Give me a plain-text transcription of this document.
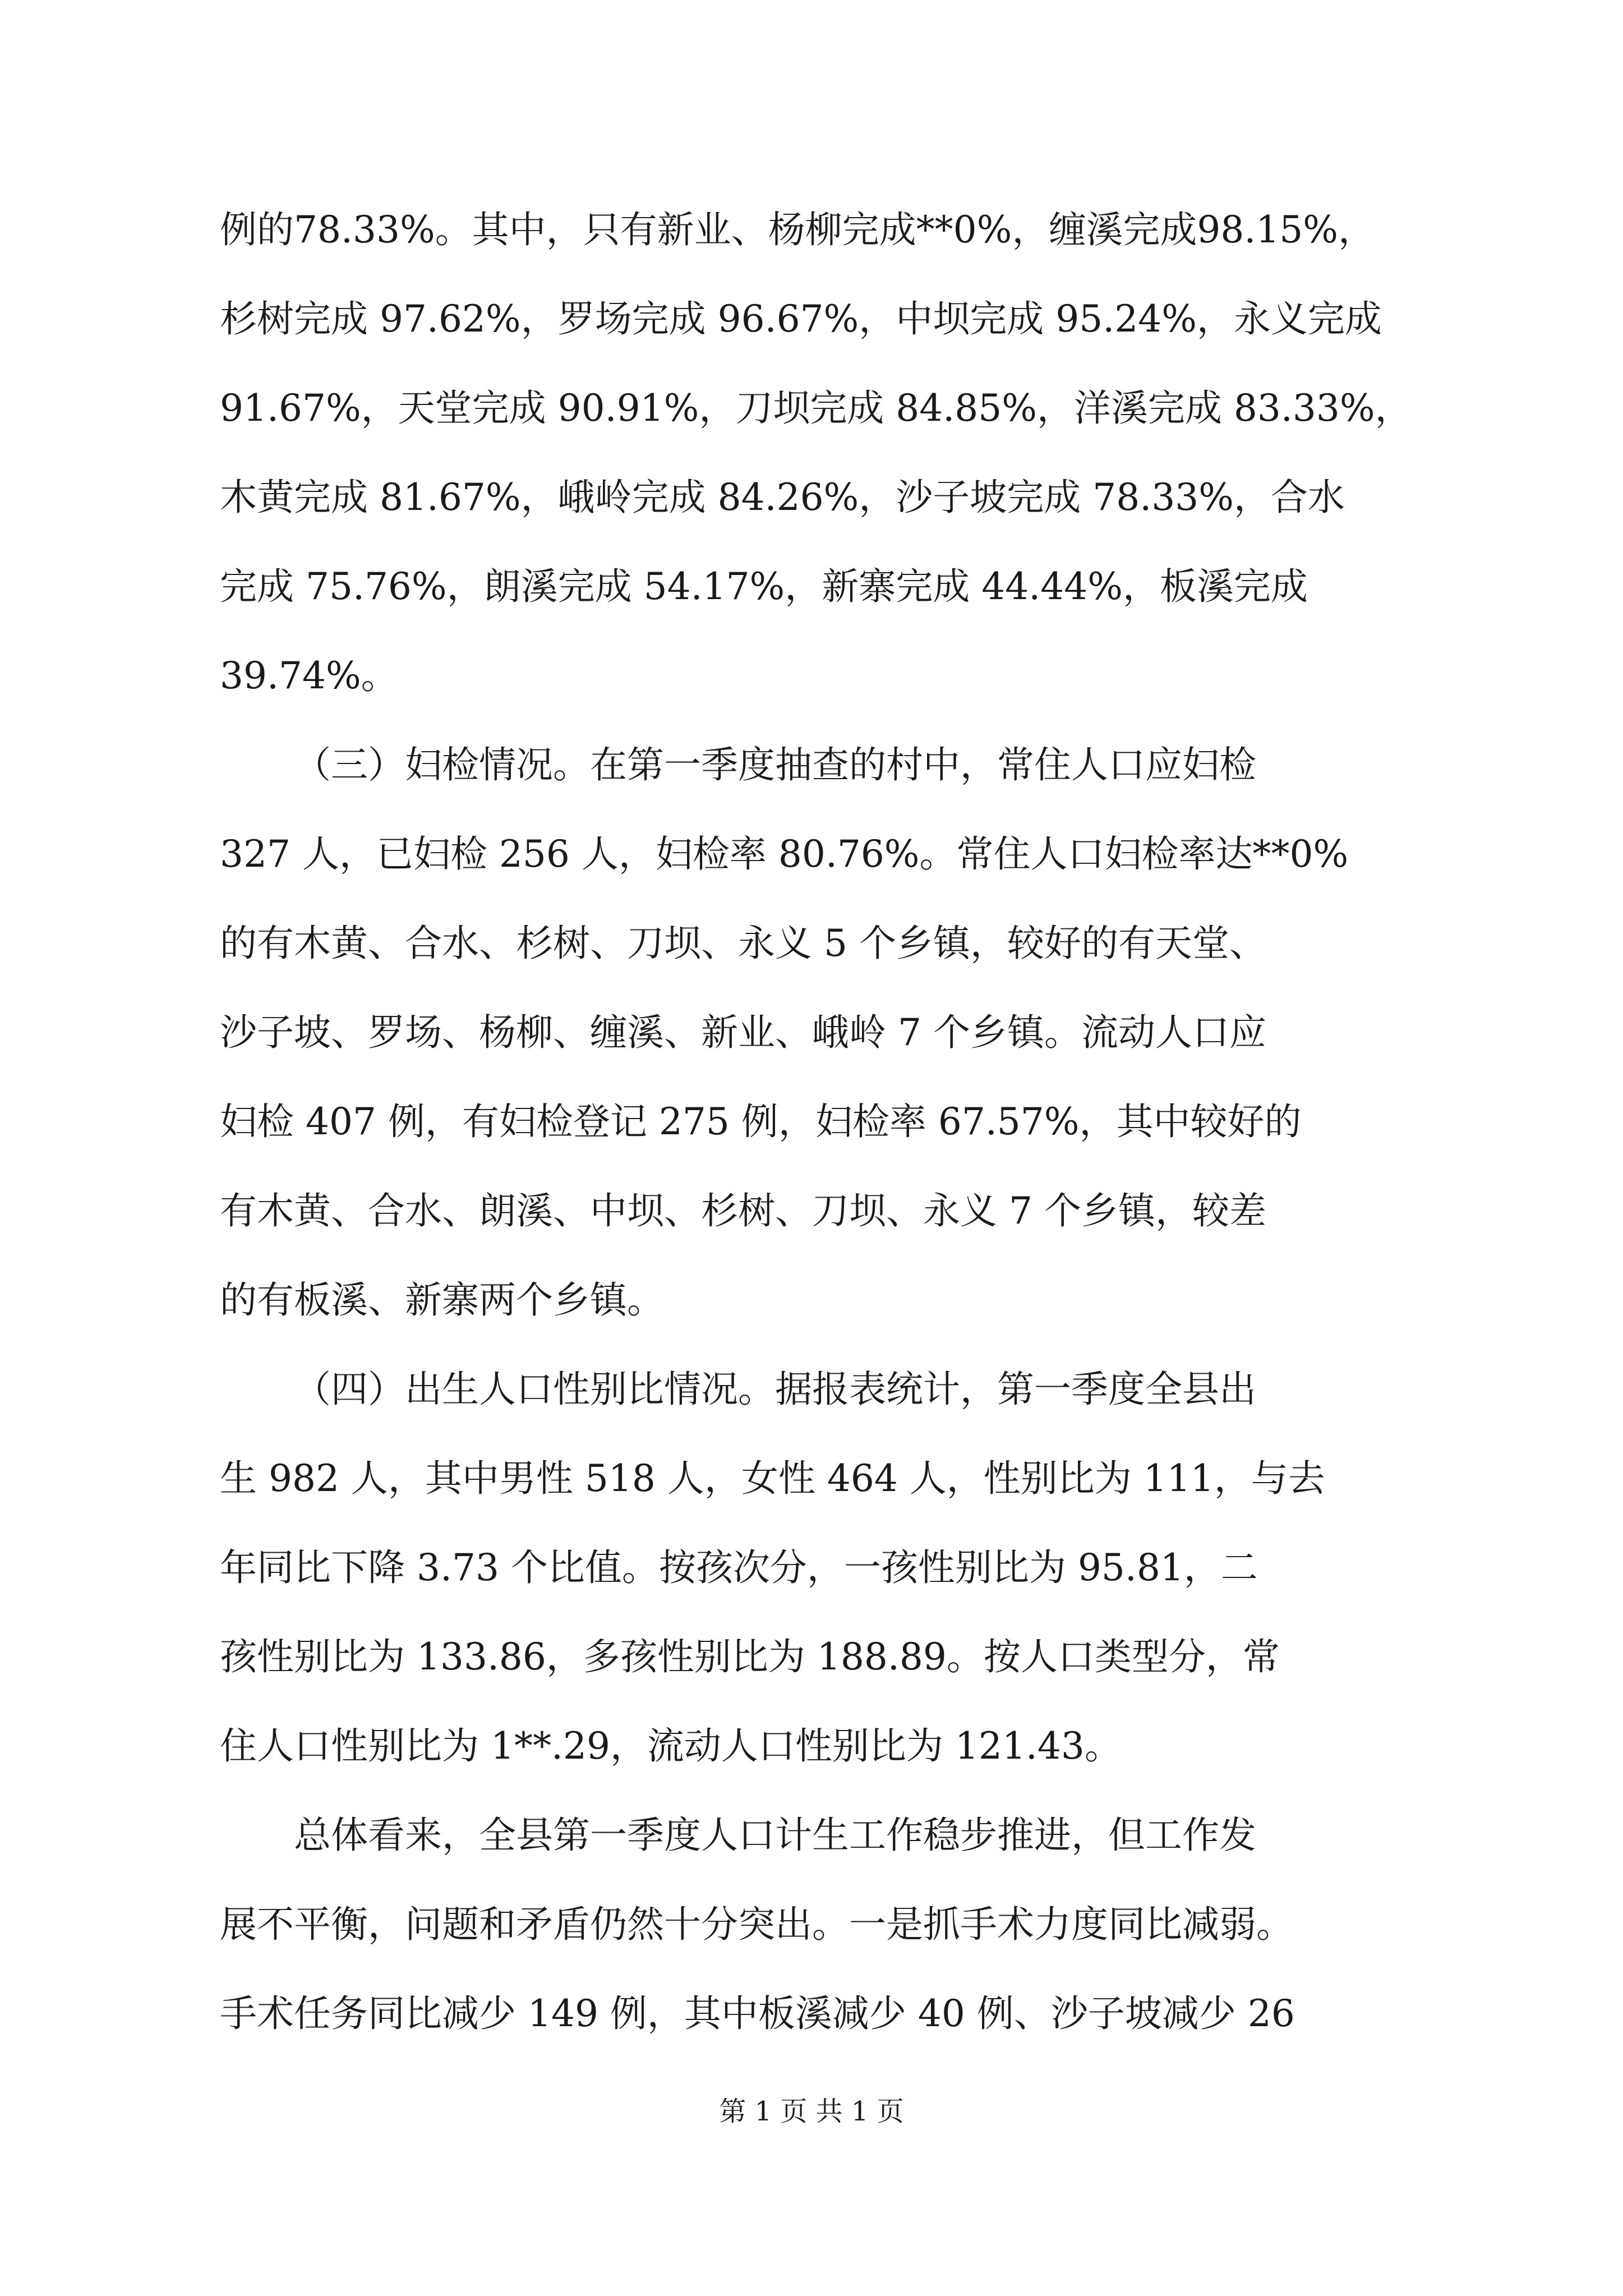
例的78.33%。其中，只有新业、杨柳完成**0%，缠溪完成98.15%，
杉树完成 97.62%，罗场完成 96.67%，中坝完成 95.24%，永义完成
91.67%，天堂完成 90.91%，刀坝完成 84.85%，洋溪完成 83.33%，
木黄完成 81.67%，峨岭完成 84.26%，沙子坡完成 78.33%，合水
完成 75.76%，朗溪完成 54.17%，新寨完成 44.44%，板溪完成
39.74%。
（三）妇检情况。在第一季度抽查的村中，常住人口应妇检
327 人，已妇检 256 人，妇检率 80.76%。常住人口妇检率达**0%
的有木黄、合水、杉树、刀坝、永义 5 个乡镇，较好的有天堂、
沙子坡、罗场、杨柳、缠溪、新业、峨岭 7 个乡镇。流动人口应
妇检 407 例，有妇检登记 275 例，妇检率 67.57%，其中较好的
有木黄、合水、朗溪、中坝、杉树、刀坝、永义 7 个乡镇，较差
的有板溪、新寨两个乡镇。
（四）出生人口性别比情况。据报表统计，第一季度全县出
生 982 人，其中男性 518 人，女性 464 人，性别比为 111，与去
年同比下降 3.73 个比值。按孩次分，一孩性别比为 95.81，二
孩性别比为 133.86，多孩性别比为 188.89。按人口类型分，常
住人口性别比为 1**.29，流动人口性别比为 121.43。
总体看来，全县第一季度人口计生工作稳步推进，但工作发
展不平衡，问题和矛盾仍然十分突出。一是抓手术力度同比减弱。
手术任务同比减少 149 例，其中板溪减少 40 例、沙子坡减少 26
第 1 页 共 1 页
